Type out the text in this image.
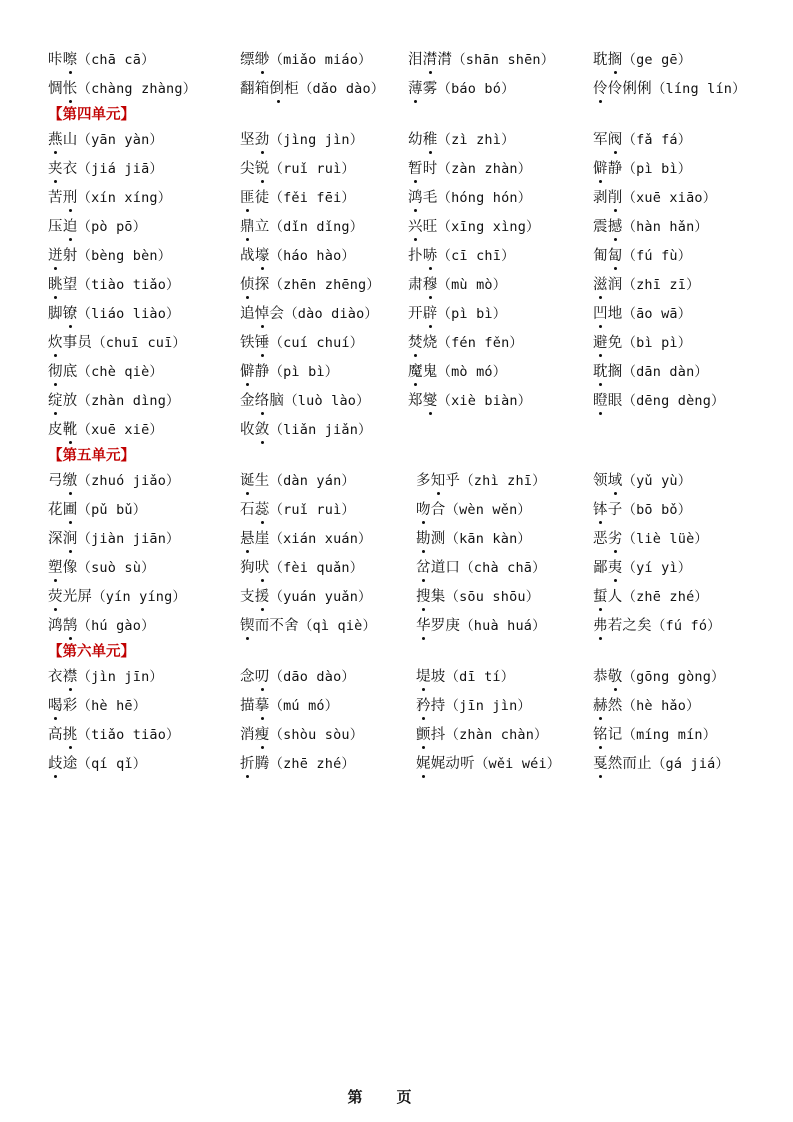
咔嚓（chā cā）	缥缈（miǎo miáo） 泪潸潸（shān shēn）	耽搁（ge gē）
惆怅（chàng zhàng）	翻箱倒柜（dǎo dào） 薄雾（báo bó）	伶伶俐俐（líng lín）
【第四单元】
燕山（yān yàn）	坚劲（jìng jìn）	幼稚（zì zhì）	军阀（fǎ fá）
夹衣（jiá jiā）	尖锐（ruǐ ruì）	暂时（zàn zhàn）	僻静（pì bì）
苦刑（xín xíng）	匪徒（fěi fēi）	鸿毛（hóng hón）	剥削（xuē xiāo）
压迫（pò pō）	鼎立（dǐn dǐng）	兴旺（xīng xìng）	震撼（hàn hǎn）
迸射（bèng bèn）	战壕（háo hào）	扑哧（cī chī）	匍匐（fú fù）
眺望（tiào tiǎo）	侦探（zhēn zhēng） 肃穆（mù mò）	滋润（zhī zī）
脚镣（liáo liào）	追悼会（dào diào） 开辟（pì bì）	凹地（āo wā）
炊事员（chuī cuī）	铁锤（cuí chuí）	焚烧（fén fěn）	避免（bì pì）
彻底（chè qiè）	僻静（pì bì）	魔鬼（mò mó）	耽搁（dān dàn）
绽放（zhàn dìng）	金络脑（luò lào）	郑燮（xiè biàn）	瞪眼（dēng dèng）
皮靴（xuē xiē）	收敛（liǎn jiǎn）
【第五单元】
弓缴（zhuó jiǎo）	诞生（dàn yán）	多知乎（zhì zhī）	领域（yǔ yù）
花圃（pǔ bǔ）	石蕊（ruǐ ruì）	吻合（wèn wěn）	钵子（bō bǒ）
深涧（jiàn jiān）	悬崖（xián xuán）	勘测（kān kàn）	恶劣（liè lüè）
塑像（suò sù）	狗吠（fèi quǎn）	岔道口（chà chā）	鄙夷（yí yì）
荧光屏（yín yíng）	支援（yuán yuǎn）	搜集（sōu shōu）	蜇人（zhē zhé）
鸿鹄（hú gào）	锲而不舍（qì qiè）	华罗庚（huà huá）	弗若之矣（fú fó）
【第六单元】
衣襟（jìn jīn）	念叨（dāo dào）	堤坡（dī tí）	恭敬（gōng gòng）
喝彩（hè hē）	描摹（mú mó）	矜持（jīn jìn）	赫然（hè hǎo）
高挑（tiǎo tiāo）	消瘦（shòu sòu）	颤抖（zhàn chàn）	铭记（míng mín）
歧途（qí qǐ）	折腾（zhē zhé）	娓娓动听（wěi wéi） 戛然而止（gá jiá）
第页
